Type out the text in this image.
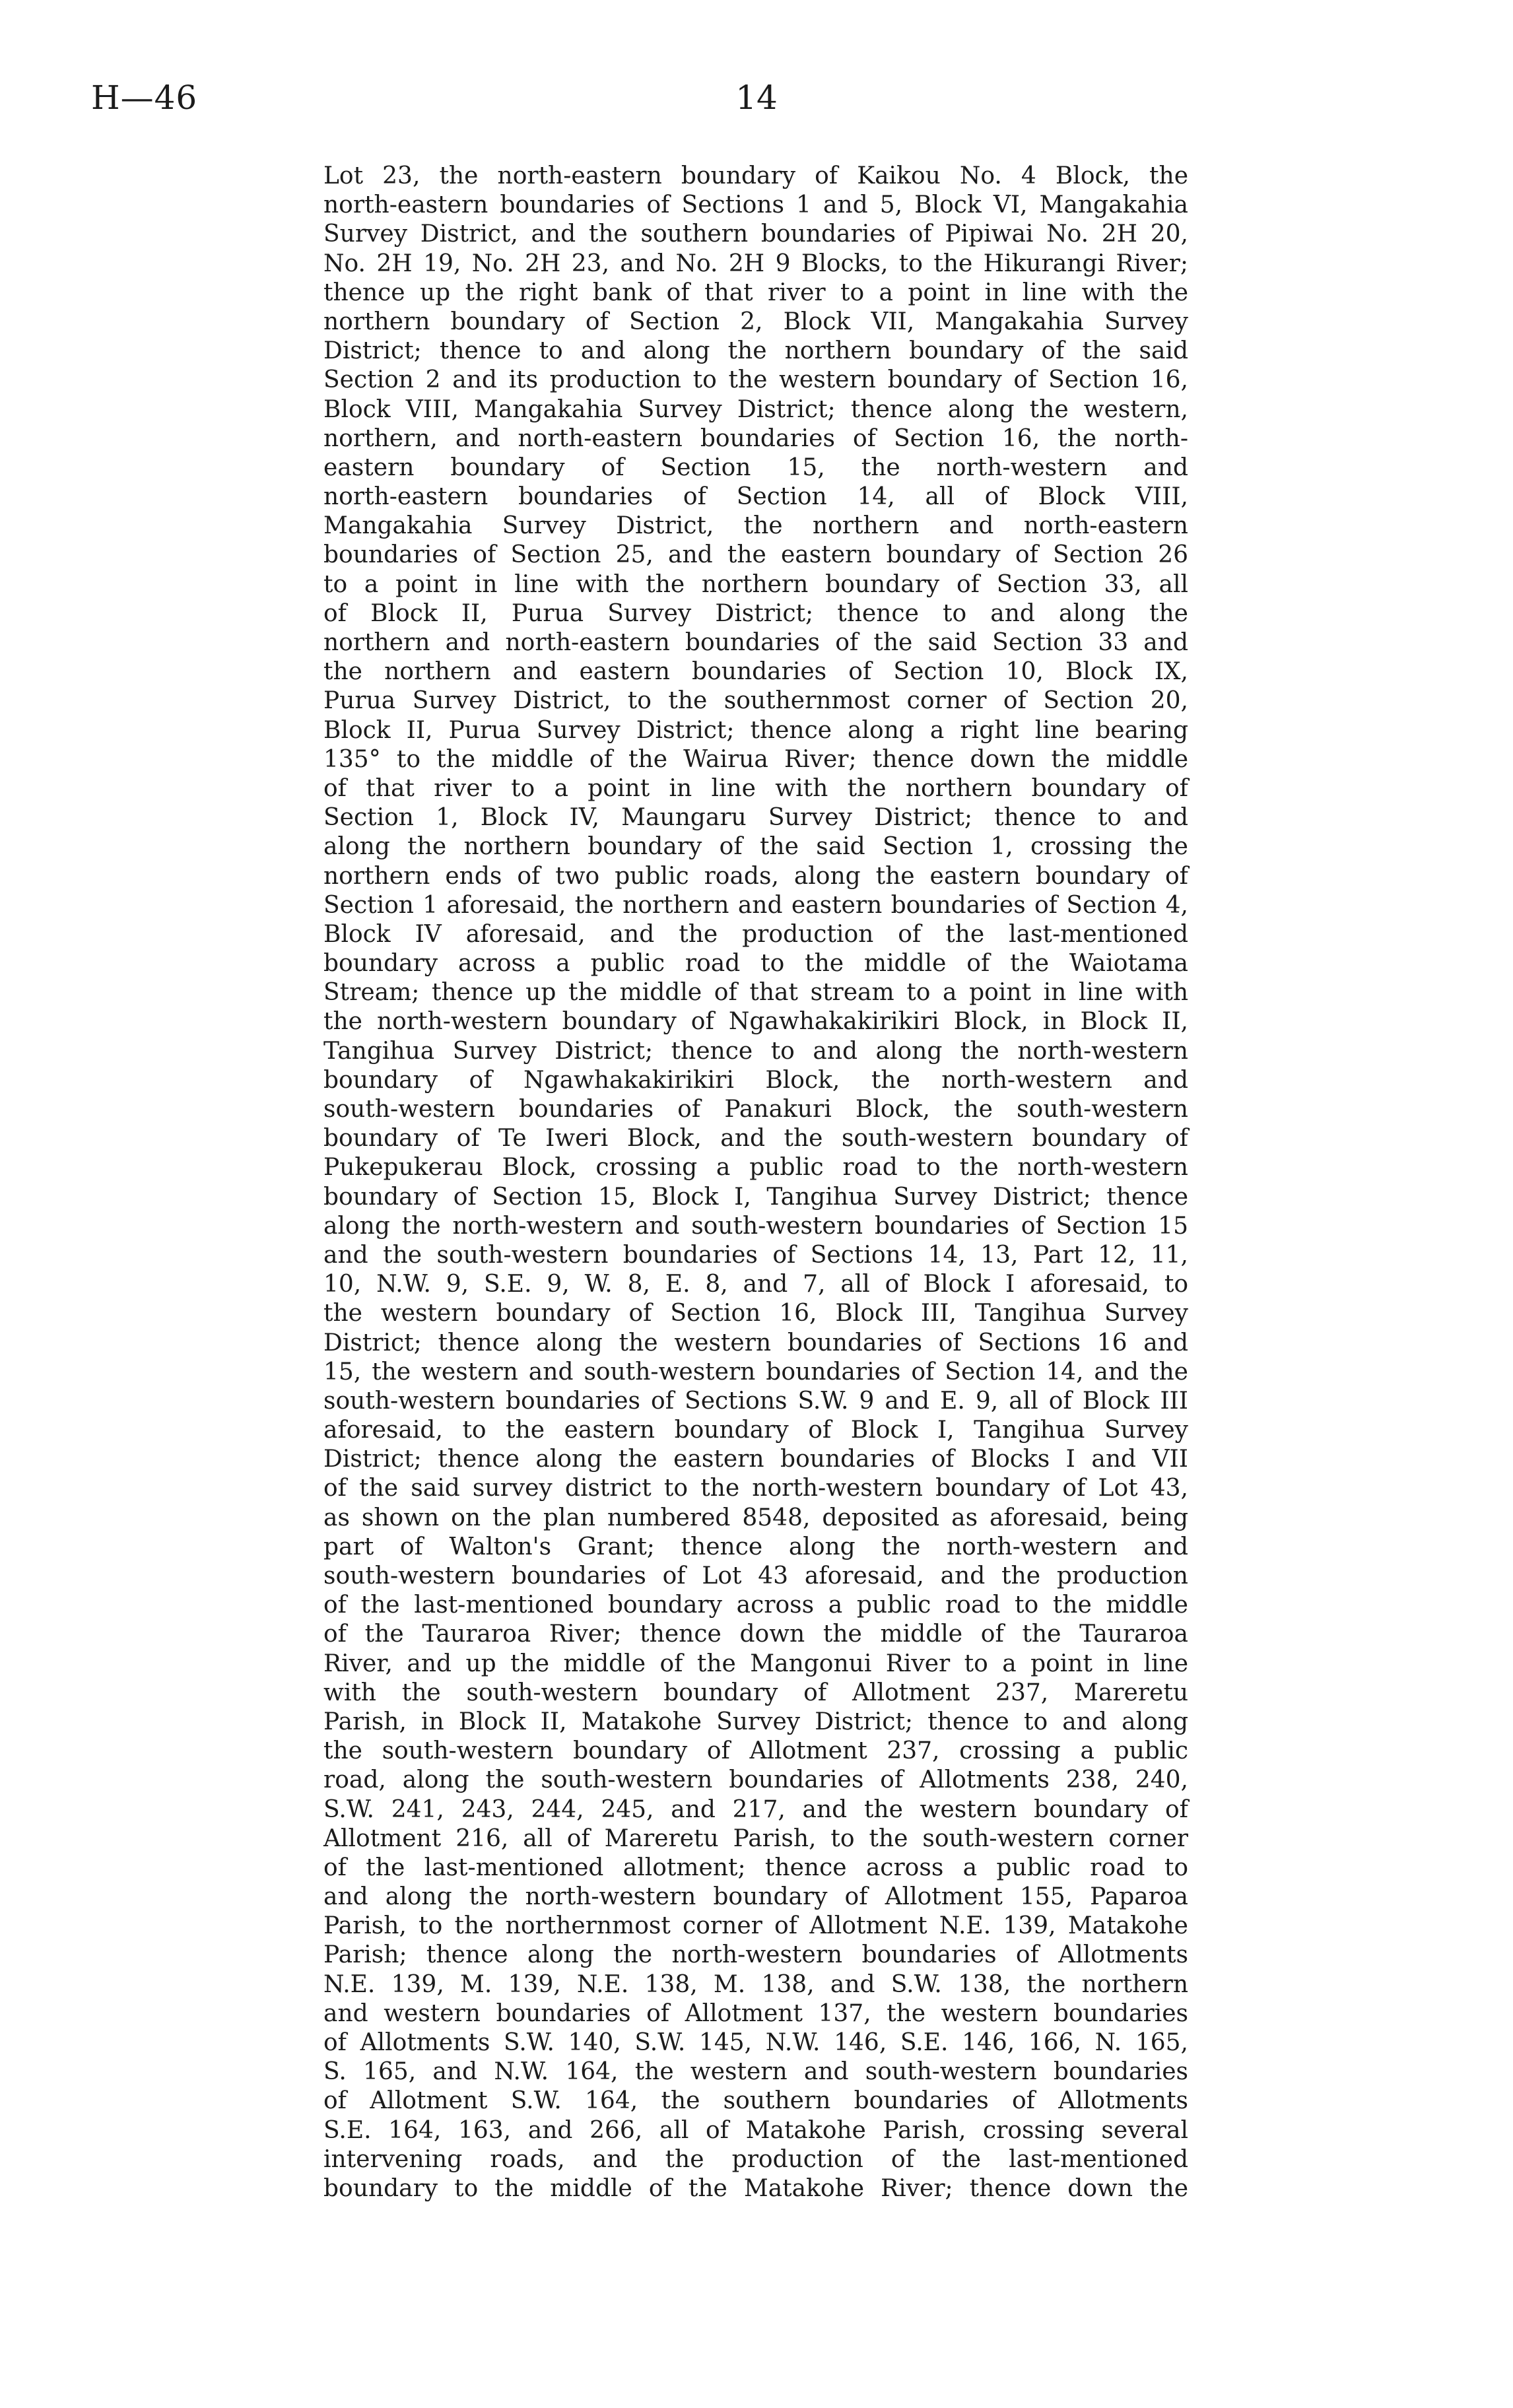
H—46	14
Lot 23, the north-eastern boundary of Kaikou No. 4 Block, the
north-eastern boundaries of Sections 1 and 5, Block VI, Mangakahia
Survey District, and the southern boundaries of Pipiwai No. 2H 20,
No. 2H 19, No. 2H 23, and No. 2H 9 Blocks, to the Hikurangi River;
thence up the right bank of that river to a point in line with the
northern boundary of Section 2, Block VII, Mangakahia Survey
District; thence to and along the northern boundary of the said
Section 2 and its production to the western boundary of Section 16,
Block VIII, Mangakahia Survey District; thence along the western,
northern, and north-eastern boundaries of Section 16, the north-
eastern boundary of Section 15, the north-western and
north-eastern boundaries of Section 14, all of Block VIII,
Mangakahia Survey District, the northern and north-eastern
boundaries of Section 25, and the eastern boundary of Section 26
to a point in line with the northern boundary of Section 33, all
of Block II, Purua Survey District; thence to and along the
northern and north-eastern boundaries of the said Section 33 and
the northern and eastern boundaries of Section 10, Block IX,
Purua Survey District, to the southernmost corner of Section 20,
Block II, Purua Survey District; thence along a right line bearing
135° to the middle of the Wairua River; thence down the middle
of that river to a point in line with the northern boundary of
Section 1, Block IV, Maungaru Survey District; thence to and
along the northern boundary of the said Section 1, crossing the
northern ends of two public roads, along the eastern boundary of
Section 1 aforesaid, the northern and eastern boundaries of Section 4,
Block IV aforesaid, and the production of the last-mentioned
boundary across a public road to the middle of the Waiotama
Stream; thence up the middle of that stream to a point in line with
the north-western boundary of Ngawhakakirikiri Block, in Block II,
Tangihua Survey District; thence to and along the north-western
boundary of Ngawhakakirikiri Block, the north-western and
south-western boundaries of Panakuri Block, the south-western
boundary of Te Iweri Block, and the south-western boundary of
Pukepukerau Block, crossing a public road to the north-western
boundary of Section 15, Block I, Tangihua Survey District; thence
along the north-western and south-western boundaries of Section 15
and the south-western boundaries of Sections 14, 13, Part 12, 11,
10, N.W. 9, S.E. 9, W. 8, E. 8, and 7, all of Block I aforesaid, to
the western boundary of Section 16, Block III, Tangihua Survey
District; thence along the western boundaries of Sections 16 and
15, the western and south-western boundaries of Section 14, and the
south-western boundaries of Sections S.W. 9 and E. 9, all of Block III
aforesaid, to the eastern boundary of Block I, Tangihua Survey
District; thence along the eastern boundaries of Blocks I and VII
of the said survey district to the north-western boundary of Lot 43,
as shown on the plan numbered 8548, deposited as aforesaid, being
part of Walton's Grant; thence along the north-western and
south-western boundaries of Lot 43 aforesaid, and the production
of the last-mentioned boundary across a public road to the middle
of the Tauraroa River; thence down the middle of the Tauraroa
River, and up the middle of the Mangonui River to a point in line
with the south-western boundary of Allotment 237, Mareretu
Parish, in Block II, Matakohe Survey District; thence to and along
the south-western boundary of Allotment 237, crossing a public
road, along the south-western boundaries of Allotments 238, 240,
S.W. 241, 243, 244, 245, and 217, and the western boundary of
Allotment 216, all of Mareretu Parish, to the south-western corner
of the last-mentioned allotment; thence across a public road to
and along the north-western boundary of Allotment 155, Paparoa
Parish, to the northernmost corner of Allotment N.E. 139, Matakohe
Parish; thence along the north-western boundaries of Allotments
N.E. 139, M. 139, N.E. 138, M. 138, and S.W. 138, the northern
and western boundaries of Allotment 137, the western boundaries
of Allotments S.W. 140, S.W. 145, N.W. 146, S.E. 146, 166, N. 165,
S. 165, and N.W. 164, the western and south-western boundaries
of Allotment S.W. 164, the southern boundaries of Allotments
S.E. 164, 163, and 266, all of Matakohe Parish, crossing several
intervening roads, and the production of the last-mentioned
boundary to the middle of the Matakohe River; thence down the
